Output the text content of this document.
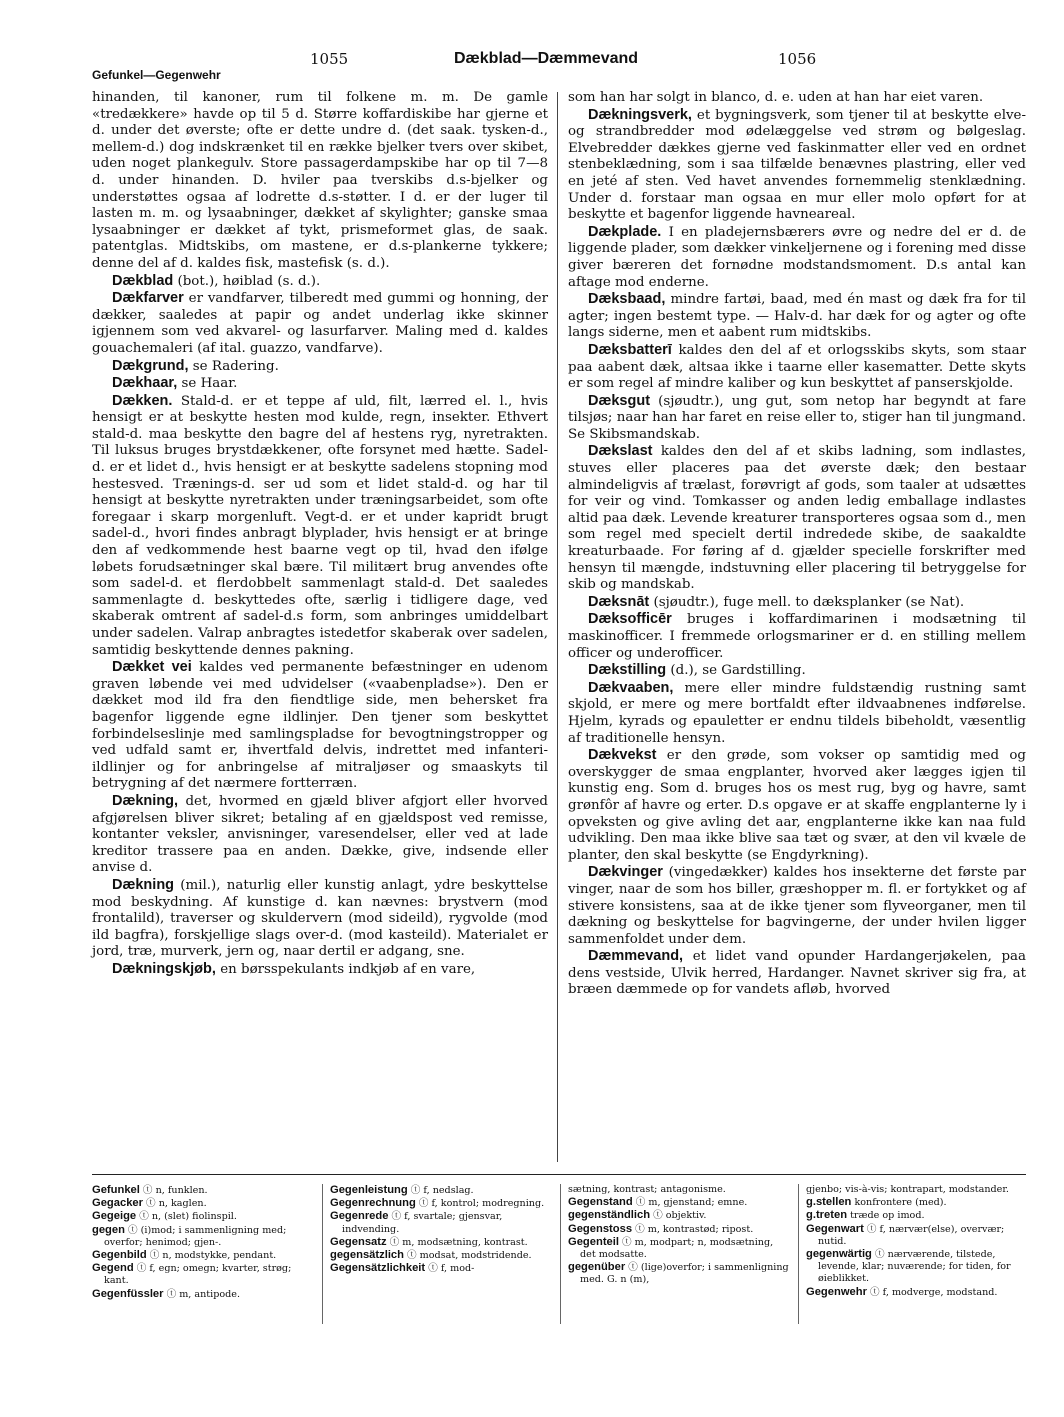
1055	Dækblad—Dæmmevand	1056
Gefunkel—Gegenwehr

hinanden, til kanoner, rum til folkene m. m. De gamle «tredækkere» havde op til 5 d. Større koffardiskibe har gjerne et d. under det øverste; ofte er dette undre d. (det saak. tysken-d., mellem-d.) dog indskrænket til en række bjelker tvers over skibet, uden noget plankegulv. Store passagerdampskibe har op til 7—8 d. under hinanden. D. hviler paa tverskibs d.s-bjelker og understøttes ogsaa af lodrette d.s-støtter. I d. er der luger til lasten m. m. og lysaabninger, dækket af skylighter; ganske smaa lysaabninger er dækket af tykt, prismeformet glas, de saak. patentglas. Midtskibs, om mastene, er d.s-plankerne tykkere; denne del af d. kaldes fisk, mastefisk (s. d.).

Dækblad (bot.), høiblad (s. d.).

Dækfarver er vandfarver, tilberedt med gummi og honning, der dækker, saaledes at papir og andet underlag ikke skinner igjennem som ved akvarel- og lasurfarver. Maling med d. kaldes gouachemaleri (af ital. guazzo, vandfarve).

Dækgrund, se Radering.

Dækhaar, se Haar.

Dækken. Stald-d. er et teppe af uld, filt, lærred el. l., hvis hensigt er at beskytte hesten mod kulde, regn, insekter. Ethvert stald-d. maa beskytte den bagre del af hestens ryg, nyretrakten. Til luksus bruges brystdækkener, ofte forsynet med hætte. Sadel-d. er et lidet d., hvis hensigt er at beskytte sadelens stopning mod hestesved. Trænings-d. ser ud som et lidet stald-d. og har til hensigt at beskytte nyretrakten under træningsarbeidet, som ofte foregaar i skarp morgenluft. Vegt-d. er et under kapridt brugt sadel-d., hvori findes anbragt blyplader, hvis hensigt er at bringe den af vedkommende hest baarne vegt op til, hvad den ifølge løbets forudsætninger skal bære. Til militært brug anvendes ofte som sadel-d. et flerdobbelt sammenlagt stald-d. Det saaledes sammenlagte d. beskyttedes ofte, særlig i tidligere dage, ved skaberak omtrent af sadel-d.s form, som anbringes umiddelbart under sadelen. Valrap anbragtes istedetfor skaberak over sadelen, samtidig beskyttende dennes pakning.

Dækket vei kaldes ved permanente befæstninger en udenom graven løbende vei med udvidelser («vaabenpladse»). Den er dækket mod ild fra den fiendtlige side, men behersket fra bagenfor liggende egne ildlinjer. Den tjener som beskyttet forbindelseslinje med samlingspladse for bevogtningstropper og ved udfald samt er, ihvertfald delvis, indrettet med infanteri-ildlinjer og for anbringelse af mitraljøser og smaaskyts til betrygning af det nærmere fortterræn.

Dækning, det, hvormed en gjæld bliver afgjort eller hvorved afgjørelsen bliver sikret; betaling af en gjældspost ved remisse, kontanter veksler, anvisninger, varesendelser, eller ved at lade kreditor trassere paa en anden. Dække, give, indsende eller anvise d.

Dækning (mil.), naturlig eller kunstig anlagt, ydre beskyttelse mod beskydning. Af kunstige d. kan nævnes: brystvern (mod frontalild), traverser og skuldervern (mod sideild), rygvolde (mod ild bagfra), forskjellige slags over-d. (mod kasteild). Materialet er jord, træ, murverk, jern og, naar dertil er adgang, sne.

Dækningskjøb, en børsspekulants indkjøb af en vare,

som han har solgt in blanco, d. e. uden at han har eiet varen.

Dækningsverk, et bygningsverk, som tjener til at beskytte elve- og strandbredder mod ødelæggelse ved strøm og bølgeslag. Elvebredder dækkes gjerne ved faskinmatter eller ved en ordnet stenbeklædning, som i saa tilfælde benævnes plastring, eller ved en jeté af sten. Ved havet anvendes fornemmelig stenklædning. Under d. forstaar man ogsaa en mur eller molo opført for at beskytte et bagenfor liggende havneareal.

Dækplade. I en pladejernsbærers øvre og nedre del er d. de liggende plader, som dækker vinkeljernene og i forening med disse giver bæreren det fornødne modstandsmoment. D.s antal kan aftage mod enderne.

Dæksbaad, mindre fartøi, baad, med én mast og dæk fra for til agter; ingen bestemt type. — Halv-d. har dæk for og agter og ofte langs siderne, men et aabent rum midtskibs.

Dæksbatterī kaldes den del af et orlogsskibs skyts, som staar paa aabent dæk, altsaa ikke i taarne eller kasematter. Dette skyts er som regel af mindre kaliber og kun beskyttet af panserskjolde.

Dæksgut (sjøudtr.), ung gut, som netop har begyndt at fare tilsjøs; naar han har faret en reise eller to, stiger han til jungmand. Se Skibsmandskab.

Dækslast kaldes den del af et skibs ladning, som indlastes, stuves eller placeres paa det øverste dæk; den bestaar almindeligvis af trælast, forøvrigt af gods, som taaler at udsættes for veir og vind. Tomkasser og anden ledig emballage indlastes altid paa dæk. Levende kreaturer transporteres ogsaa som d., men som regel med specielt dertil indrededе skibe, de saakaldte kreaturbaade. For føring af d. gjælder specielle forskrifter med hensyn til mængde, indstuvning eller placering til betryggelse for skib og mandskab.

Dæksnāt (sjøudtr.), fuge mell. to dæksplanker (se Nat).

Dæksofficēr bruges i koffardimarinen i modsætning til maskinofficer. I fremmede orlogsmariner er d. en stilling mellem officer og underofficer.

Dækstilling (d.), se Gardstilling.

Dækvaaben, mere eller mindre fuldstændig rustning samt skjold, er mere og mere bortfaldt efter ildvaabnenes indførelse. Hjelm, kyrads og epauletter er endnu tildels bibeholdt, væsentlig af traditionelle hensyn.

Dækvekst er den grøde, som vokser op samtidig med og overskygger de smaa engplanter, hvorved aker lægges igjen til kunstig eng. Som d. bruges hos os mest rug, byg og havre, samt grønfôr af havre og erter. D.s opgave er at skaffe engplanterne ly i opveksten og give avling det aar, engplanterne ikke kan naa fuld udvikling. Den maa ikke blive saa tæt og svær, at den vil kvæle de planter, den skal beskytte (se Engdyrkning).

Dækvinger (vingedækker) kaldes hos insekterne det første par vinger, naar de som hos biller, græshopper m. fl. er fortykket og af stivere konsistens, saa at de ikke tjener som flyveorganer, men til dækning og beskyttelse for bagvingerne, der under hvilen ligger sammenfoldet under dem.

Dæmmevand, et lidet vand opunder Hardangerjøkelen, paa dens vestside, Ulvik herred, Hardanger. Navnet skriver sig fra, at bræen dæmmede op for vandets afløb, hvorved

Gefunkel ⓣ n, funklen.
Gegacker ⓣ n, kaglen.
Gegeige ⓣ n, (slet) fiolinspil.
gegen ⓣ (i)mod; i sammenligning med; overfor; henimod; gjen-.
Gegenbild ⓣ n, modstykke, pendant.
Gegend ⓣ f, egn; omegn; kvarter, strøg; kant.
Gegenfüssler ⓣ m, antipode.
Gegenleistung ⓣ f, nedslag.
Gegenrechnung ⓣ f, kontrol; modregning.
Gegenrede ⓣ f, svartale; gjensvar, indvending.
Gegensatz ⓣ m, modsætning, kontrast.
gegensätzlich ⓣ modsat, modstridende.
Gegensätzlichkeit ⓣ f, mod-
sætning, kontrast; antagonisme.
Gegenstand ⓣ m, gjenstand; emne.
gegenständlich ⓣ objektiv.
Gegenstoss ⓣ m, kontrastød; ripost.
Gegenteil ⓣ m, modpart; n, modsætning, det modsatte.
gegenüber ⓣ (lige)overfor; i sammenligning med. G. n (m),
gjenbo; vis-à-vis; kontrapart, modstander.
g.stellen konfrontere (med).
g.treten træde op imod.
Gegenwart ⓣ f, nærvær(else), overvær; nutid.
gegenwärtig ⓣ nærværende, tilstede, levende, klar; nuværende; for tiden, for øieblikket.
Gegenwehr ⓣ f, modverge, modstand.
